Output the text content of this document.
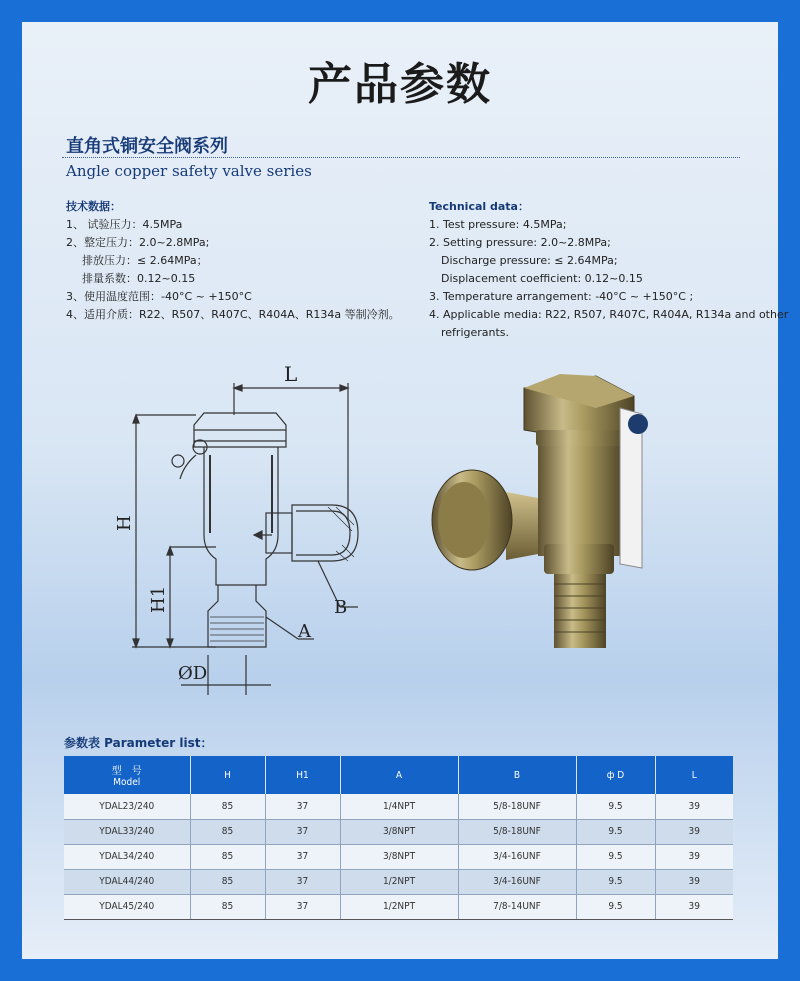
产品参数
直角式铜安全阀系列
Angle copper safety valve series
技术数据：
1、 试验压力：4.5MPa
2、整定压力：2.0~2.8MPa;
排放压力：≤ 2.64MPa；
排量系数：0.12~0.15
3、使用温度范围：-40°C ~ +150°C
4、适用介质：R22、R507、R407C、R404A、R134a 等制冷剂。
Technical data：
1. Test pressure: 4.5MPa;
2. Setting pressure: 2.0~2.8MPa;
Discharge pressure: ≤ 2.64MPa;
Displacement coefficient: 0.12~0.15
3. Temperature arrangement: -40°C ~ +150°C ;
4. Applicable media: R22, R507, R407C, R404A, R134a and other
refrigerants.
L
H
H1
ØD
A
B
参数表 Parameter list：
型　号
Model	H	H1	A	B	ф D	L
YDAL23/240	85	37	1/4NPT	5/8-18UNF	9.5	39
YDAL33/240	85	37	3/8NPT	5/8-18UNF	9.5	39
YDAL34/240	85	37	3/8NPT	3/4-16UNF	9.5	39
YDAL44/240	85	37	1/2NPT	3/4-16UNF	9.5	39
YDAL45/240	85	37	1/2NPT	7/8-14UNF	9.5	39
